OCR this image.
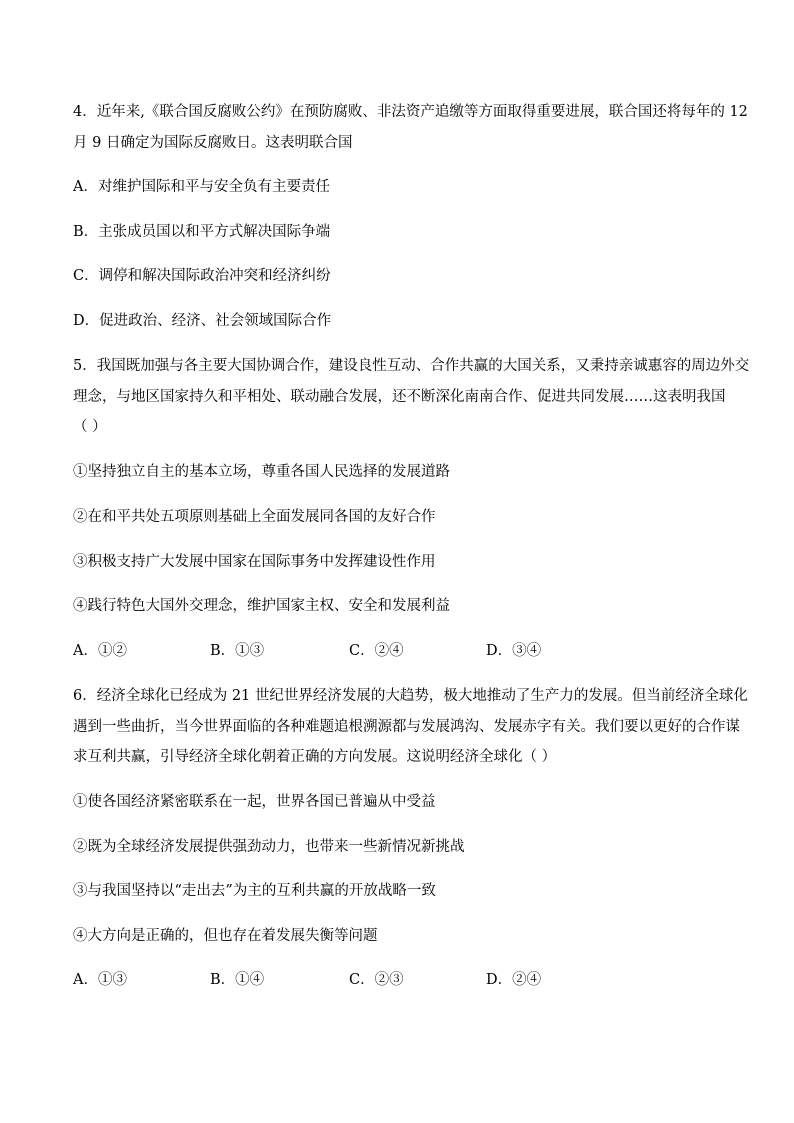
4．近年来,《联合国反腐败公约》在预防腐败、非法资产追缴等方面取得重要进展，联合国还将每年的 12
月 9 日确定为国际反腐败日。这表明联合国
A．对维护国际和平与安全负有主要责任
B．主张成员国以和平方式解决国际争端
C．调停和解决国际政治冲突和经济纠纷
D．促进政治、经济、社会领域国际合作
5．我国既加强与各主要大国协调合作，建设良性互动、合作共赢的大国关系，又秉持亲诚惠容的周边外交
理念，与地区国家持久和平相处、联动融合发展，还不断深化南南合作、促进共同发展……这表明我国
（ ）
①坚持独立自主的基本立场，尊重各国人民选择的发展道路
②在和平共处五项原则基础上全面发展同各国的友好合作
③积极支持广大发展中国家在国际事务中发挥建设性作用
④践行特色大国外交理念，维护国家主权、安全和发展利益
A．①②	B．①③	C．②④	D．③④
6．经济全球化已经成为 21 世纪世界经济发展的大趋势，极大地推动了生产力的发展。但当前经济全球化
遇到一些曲折，当今世界面临的各种难题追根溯源都与发展鸿沟、发展赤字有关。我们要以更好的合作谋
求互利共赢，引导经济全球化朝着正确的方向发展。这说明经济全球化（ ）
①使各国经济紧密联系在一起，世界各国已普遍从中受益
②既为全球经济发展提供强劲动力，也带来一些新情况新挑战
③与我国坚持以“走出去”为主的互利共赢的开放战略一致
④大方向是正确的，但也存在着发展失衡等问题
A．①③	B．①④	C．②③	D．②④
